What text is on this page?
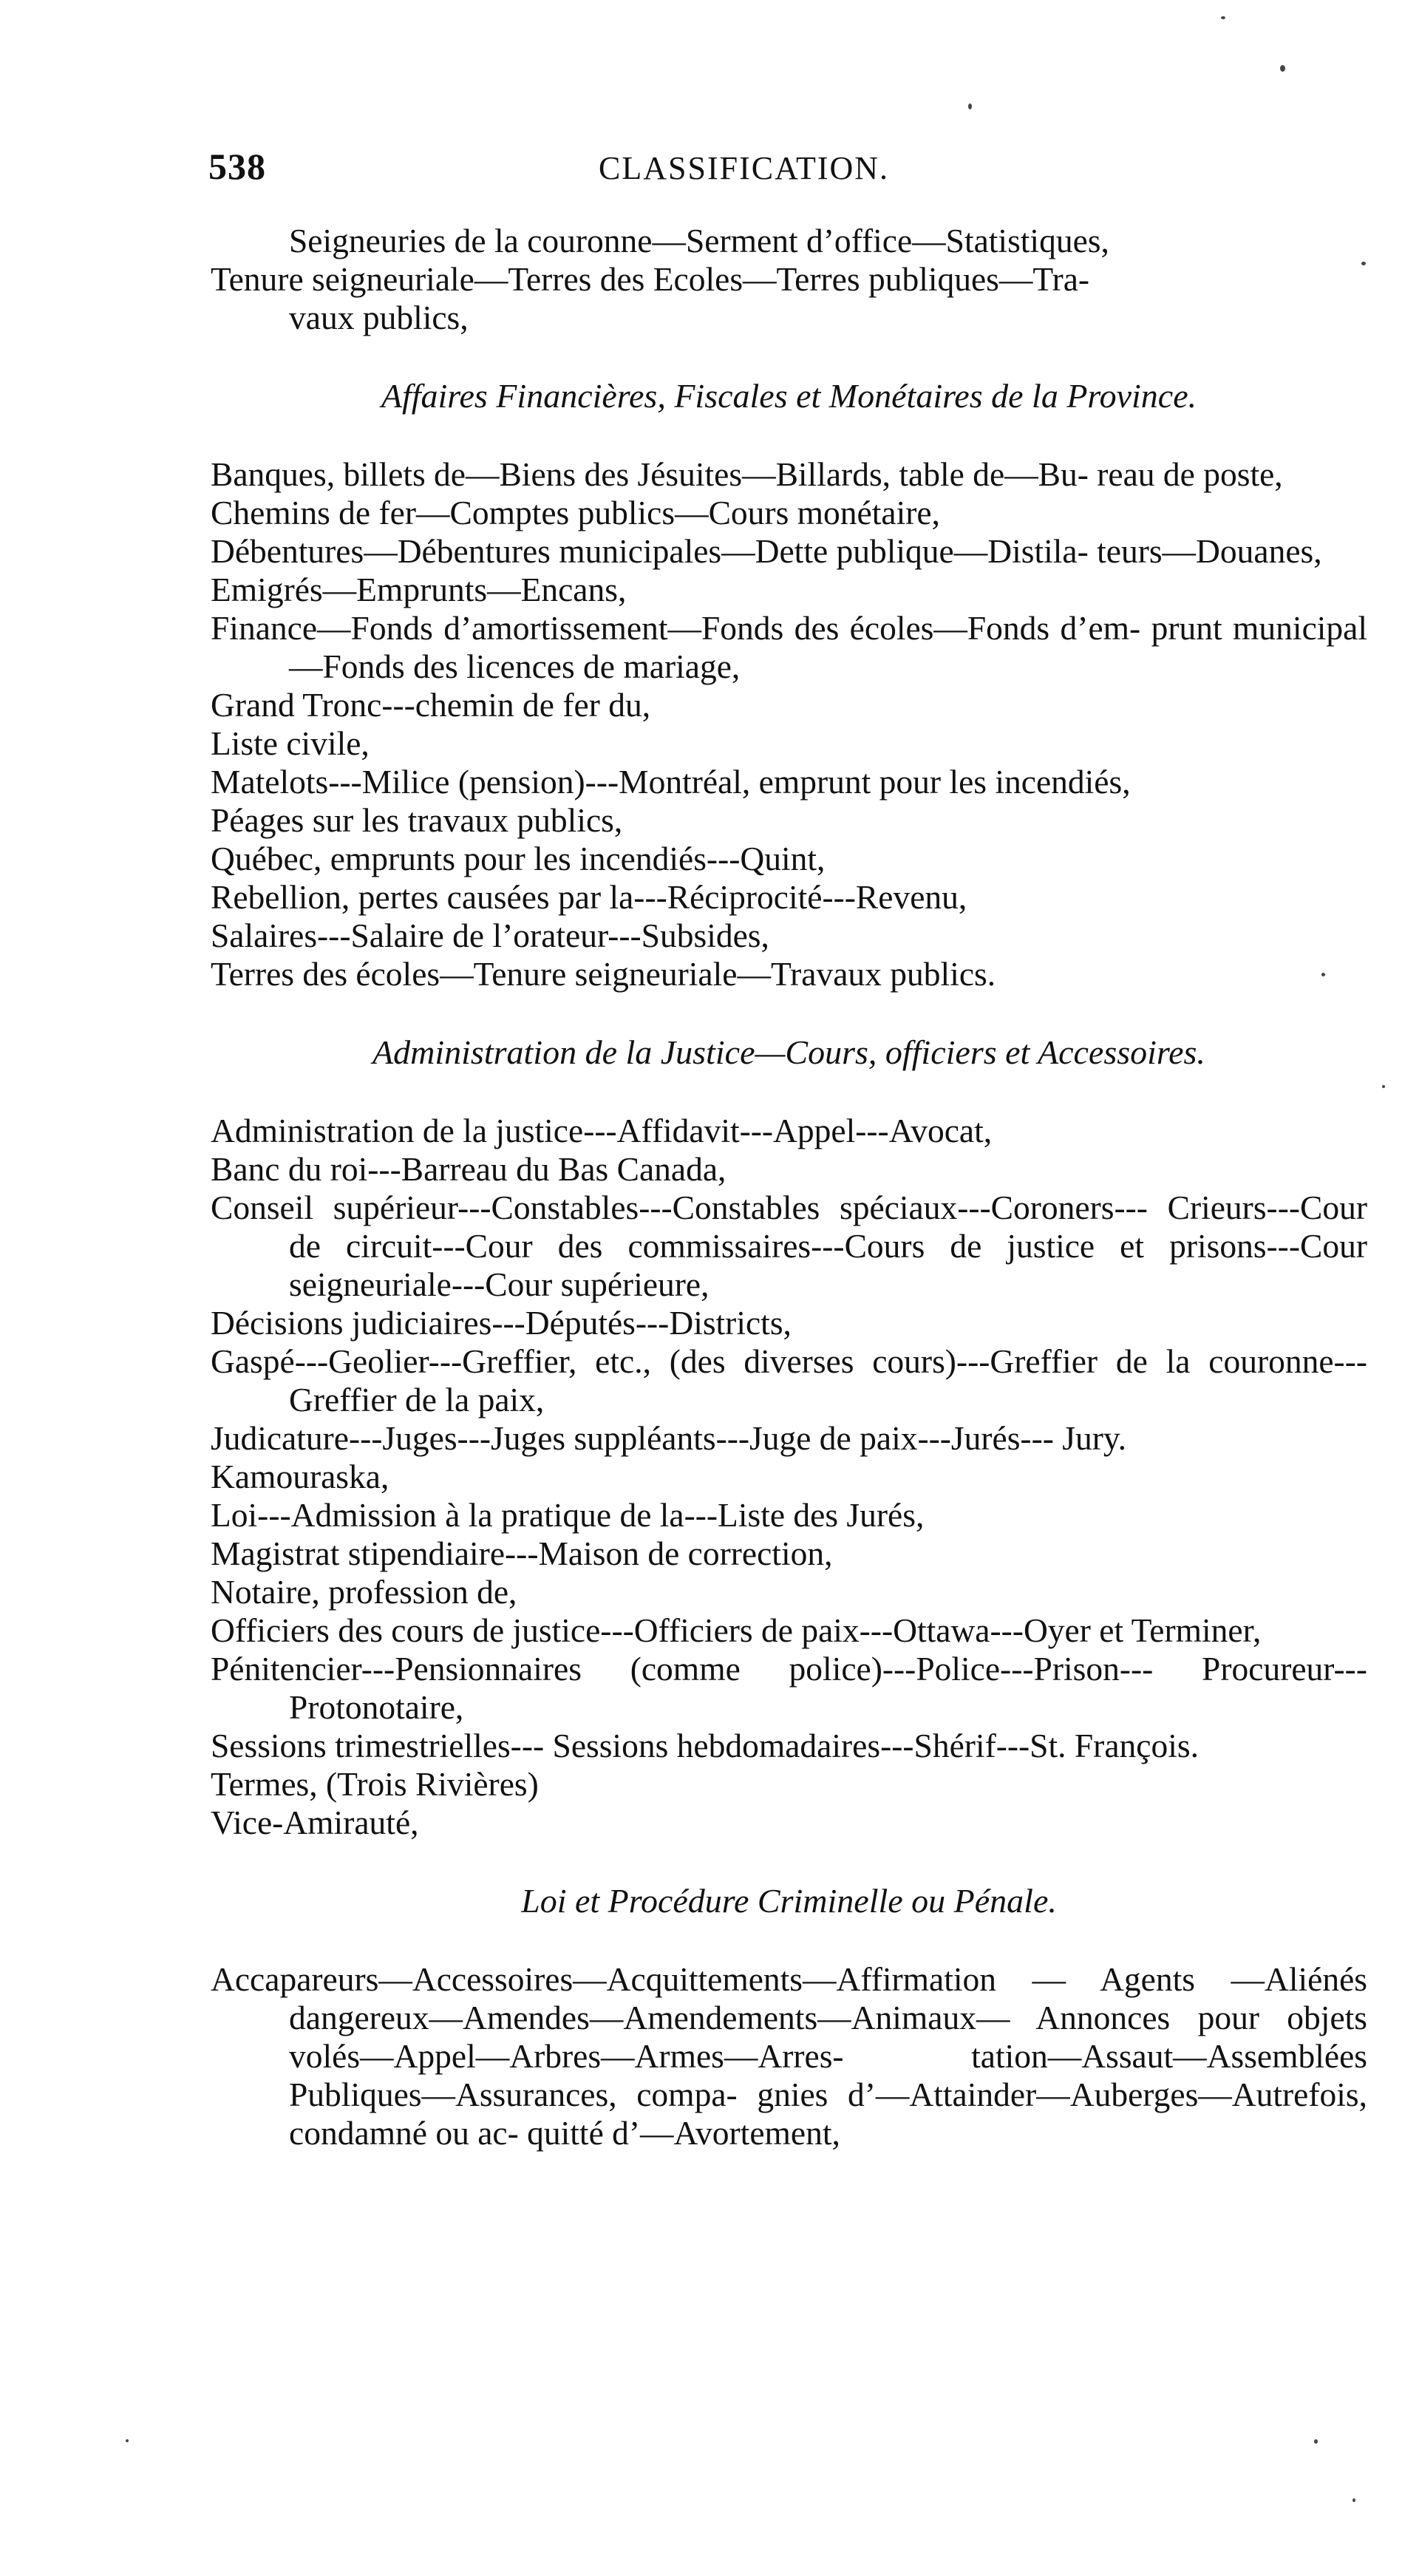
538	CLASSIFICATION.

Seigneuries de la couronne—Serment d’office—Statistiques,

Tenure seigneuriale—Terres des Ecoles—Terres publiques—Tra-

vaux publics,

Affaires Financières, Fiscales et Monétaires de la Province.

Banques, billets de—Biens des Jésuites—Billards, table de—Bu- reau de poste,

Chemins de fer—Comptes publics—Cours monétaire,

Débentures—Débentures municipales—Dette publique—Distila- teurs—Douanes,

Emigrés—Emprunts—Encans,

Finance—Fonds d’amortissement—Fonds des écoles—Fonds d’em- prunt municipal—Fonds des licences de mariage,

Grand Tronc---chemin de fer du,

Liste civile,

Matelots---Milice (pension)---Montréal, emprunt pour les incendiés,

Péages sur les travaux publics,

Québec, emprunts pour les incendiés---Quint,

Rebellion, pertes causées par la---Réciprocité---Revenu,

Salaires---Salaire de l’orateur---Subsides,

Terres des écoles—Tenure seigneuriale—Travaux publics.

Administration de la Justice—Cours, officiers et Accessoires.

Administration de la justice---Affidavit---Appel---Avocat,

Banc du roi---Barreau du Bas Canada,

Conseil supérieur---Constables---Constables spéciaux---Coroners--- Crieurs---Cour de circuit---Cour des commissaires---Cours de justice et prisons---Cour seigneuriale---Cour supérieure,

Décisions judiciaires---Députés---Districts,

Gaspé---Geolier---Greffier, etc., (des diverses cours)---Greffier de la couronne---Greffier de la paix,

Judicature---Juges---Juges suppléants---Juge de paix---Jurés--- Jury.

Kamouraska,

Loi---Admission à la pratique de la---Liste des Jurés,

Magistrat stipendiaire---Maison de correction,

Notaire, profession de,

Officiers des cours de justice---Officiers de paix---Ottawa---Oyer et Terminer,

Pénitencier---Pensionnaires (comme police)---Police---Prison--- Procureur---Protonotaire,

Sessions trimestrielles--- Sessions hebdomadaires---Shérif---St. François.

Termes, (Trois Rivières)

Vice-Amirauté,

Loi et Procédure Criminelle ou Pénale.

Accapareurs—Accessoires—Acquittements—Affirmation — Agents —Aliénés dangereux—Amendes—Amendements—Animaux— Annonces pour objets volés—Appel—Arbres—Armes—Arres- tation—Assaut—Assemblées Publiques—Assurances, compa- gnies d’—Attainder—Auberges—Autrefois, condamné ou ac- quitté d’—Avortement,
